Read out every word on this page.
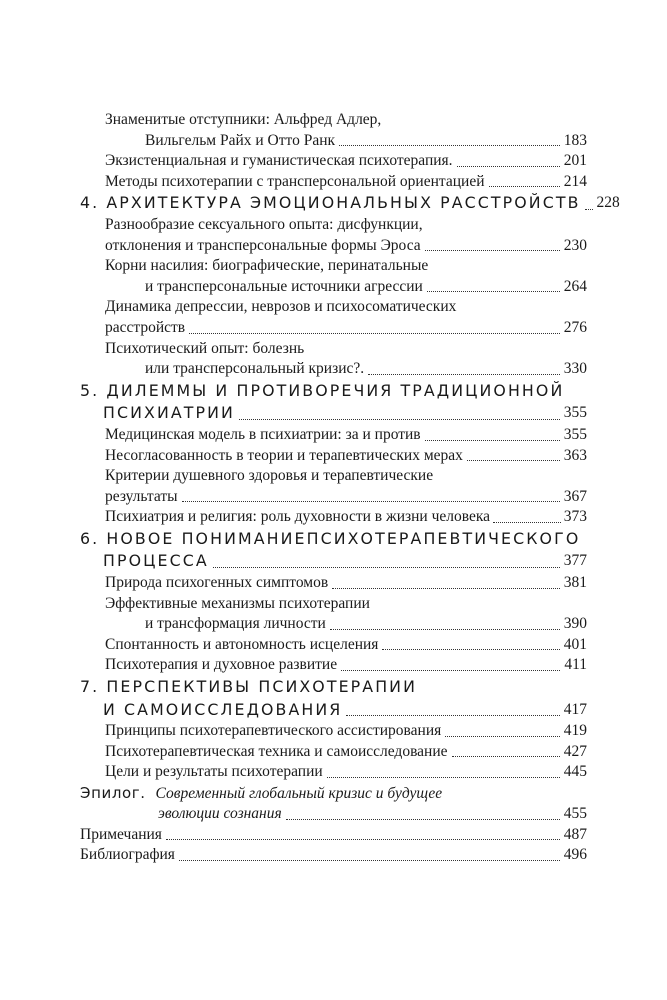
Знаменитые отступники: Альфред Адлер,
Вильгельм Райх и Отто Ранк	183
Экзистенциальная и гуманистическая психотерапия.	201
Методы психотерапии с трансперсональной ориентацией	214
4. АРХИТЕКТУРА ЭМОЦИОНАЛЬНЫХ РАССТРОЙСТВ 228
Разнообразие сексуального опыта: дисфункции,
отклонения и трансперсональные формы Эроса	230
Корни насилия: биографические, перинатальные
и трансперсональные источники агрессии	264
Динамика депрессии, неврозов и психосоматических
расстройств	276
Психотический опыт: болезнь
или трансперсональный кризис?.	330
5. ДИЛЕММЫ И ПРОТИВОРЕЧИЯ ТРАДИЦИОННОЙ
ПСИХИАТРИИ	355
Медицинская модель в психиатрии: за и против	355
Несогласованность в теории и терапевтических мерах	363
Критерии душевного здоровья и терапевтические
результаты	367
Психиатрия и религия: роль духовности в жизни человека	373
6. НОВОЕ ПОНИМАНИЕПСИХОТЕРАПЕВТИЧЕСКОГО
ПРОЦЕССА	377
Природа психогенных симптомов	381
Эффективные механизмы психотерапии
и трансформация личности	390
Спонтанность и автономность исцеления	401
Психотерапия и духовное развитие	411
7. ПЕРСПЕКТИВЫ ПСИХОТЕРАПИИ
И САМОИССЛЕДОВАНИЯ	417
Принципы психотерапевтического ассистирования	419
Психотерапевтическая техника и самоисследование	427
Цели и результаты психотерапии	445
Эпилог. Современный глобальный кризис и будущее
эволюции сознания	455
Примечания	487
Библиография	496
